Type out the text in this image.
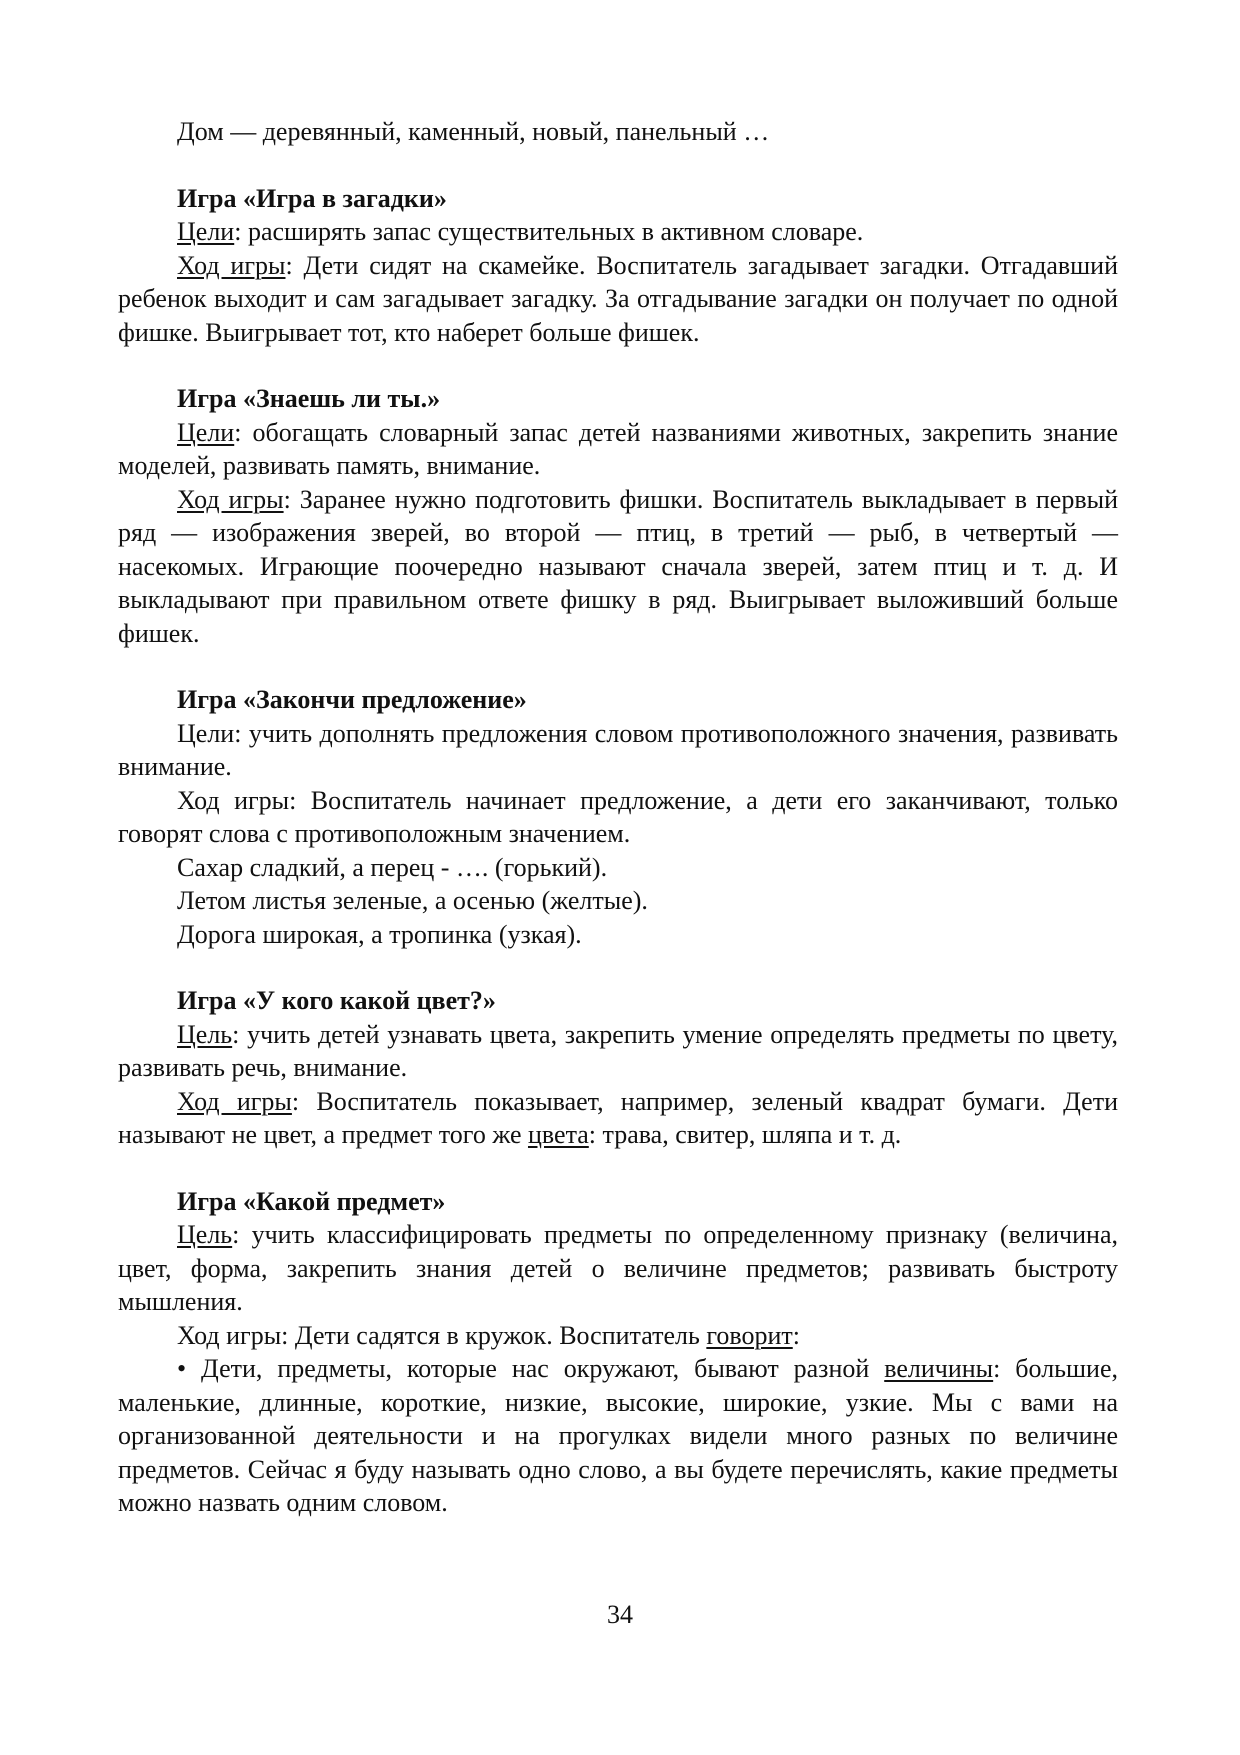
Дом — деревянный, каменный, новый, панельный …

Игра «Игра в загадки»

Цели: расширять запас существительных в активном словаре.

Ход игры: Дети сидят на скамейке. Воспитатель загадывает загадки. Отгадавший ребенок выходит и сам загадывает загадку. За отгадывание загадки он получает по одной фишке. Выигрывает тот, кто наберет больше фишек.

Игра «Знаешь ли ты.»

Цели: обогащать словарный запас детей названиями животных, закрепить знание моделей, развивать память, внимание.

Ход игры: Заранее нужно подготовить фишки. Воспитатель выкладывает в первый ряд — изображения зверей, во второй — птиц, в третий — рыб, в четвертый — насекомых. Играющие поочередно называют сначала зверей, затем птиц и т. д. И выкладывают при правильном ответе фишку в ряд. Выигрывает выложивший больше фишек.

Игра «Закончи предложение»

Цели: учить дополнять предложения словом противоположного значения, развивать внимание.

Ход игры: Воспитатель начинает предложение, а дети его заканчивают, только говорят слова с противоположным значением.

Сахар сладкий, а перец - …. (горький).

Летом листья зеленые, а осенью (желтые).

Дорога широкая, а тропинка (узкая).

Игра «У кого какой цвет?»

Цель: учить детей узнавать цвета, закрепить умение определять предметы по цвету, развивать речь, внимание.

Ход игры: Воспитатель показывает, например, зеленый квадрат бумаги. Дети называют не цвет, а предмет того же цвета: трава, свитер, шляпа и т. д.

Игра «Какой предмет»

Цель: учить классифицировать предметы по определенному признаку (величина, цвет, форма, закрепить знания детей о величине предметов; развивать быстроту мышления.

Ход игры: Дети садятся в кружок. Воспитатель говорит:

• Дети, предметы, которые нас окружают, бывают разной величины: большие, маленькие, длинные, короткие, низкие, высокие, широкие, узкие. Мы с вами на организованной деятельности и на прогулках видели много разных по величине предметов. Сейчас я буду называть одно слово, а вы будете перечислять, какие предметы можно назвать одним словом.

34
